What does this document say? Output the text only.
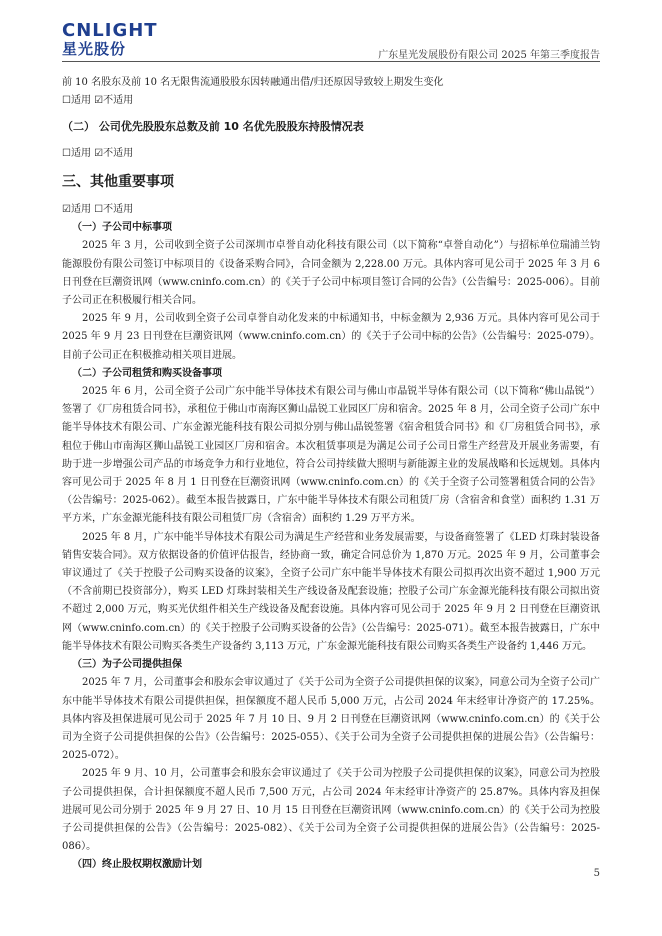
CNLIGHT
星光股份	广东星光发展股份有限公司 2025 年第三季度报告

前 10 名股东及前 10 名无限售流通股股东因转融通出借/归还原因导致较上期发生变化

☐适用 ☑不适用

（二） 公司优先股股东总数及前 10 名优先股股东持股情况表

☐适用 ☑不适用

三、其他重要事项

☑适用 ☐不适用

（一）子公司中标事项

2025 年 3 月，公司收到全资子公司深圳市卓誉自动化科技有限公司（以下简称“卓誉自动化”）与招标单位瑞浦兰钧能源股份有限公司签订中标项目的《设备采购合同》，合同金额为 2,228.00 万元。具体内容可见公司于 2025 年 3 月 6 日刊登在巨潮资讯网（www.cninfo.com.cn）的《关于子公司中标项目签订合同的公告》（公告编号：2025-006）。目前子公司正在积极履行相关合同。

2025 年 9 月，公司收到全资子公司卓誉自动化发来的中标通知书，中标金额为 2,936 万元。具体内容可见公司于 2025 年 9 月 23 日刊登在巨潮资讯网（www.cninfo.com.cn）的《关于子公司中标的公告》（公告编号：2025-079）。目前子公司正在积极推动相关项目进展。

（二）子公司租赁和购买设备事项

2025 年 6 月，公司全资子公司广东中能半导体技术有限公司与佛山市晶锐半导体有限公司（以下简称“佛山晶锐”）签署了《厂房租赁合同书》，承租位于佛山市南海区狮山晶锐工业园区厂房和宿舍。2025 年 8 月，公司全资子公司广东中能半导体技术有限公司、广东金源光能科技有限公司拟分别与佛山晶锐签署《宿舍租赁合同书》和《厂房租赁合同书》，承租位于佛山市南海区狮山晶锐工业园区厂房和宿舍。本次租赁事项是为满足公司子公司日常生产经营及开展业务需要，有助于进一步增强公司产品的市场竞争力和行业地位，符合公司持续做大照明与新能源主业的发展战略和长远规划。具体内容可见公司于 2025 年 8 月 1 日刊登在巨潮资讯网（www.cninfo.com.cn）的《关于全资子公司签署租赁合同的公告》（公告编号：2025-062）。截至本报告披露日，广东中能半导体技术有限公司租赁厂房（含宿舍和食堂）面积约 1.31 万平方米，广东金源光能科技有限公司租赁厂房（含宿舍）面积约 1.29 万平方米。

2025 年 8 月，广东中能半导体技术有限公司为满足生产经营和业务发展需要，与设备商签署了《LED 灯珠封装设备销售安装合同》。双方依据设备的价值评估报告，经协商一致，确定合同总价为 1,870 万元。2025 年 9 月，公司董事会审议通过了《关于控股子公司购买设备的议案》，全资子公司广东中能半导体技术有限公司拟再次出资不超过 1,900 万元（不含前期已投资部分），购买 LED 灯珠封装相关生产线设备及配套设施；控股子公司广东金源光能科技有限公司拟出资不超过 2,000 万元，购买光伏组件相关生产线设备及配套设施。具体内容可见公司于 2025 年 9 月 2 日刊登在巨潮资讯网（www.cninfo.com.cn）的《关于控股子公司购买设备的公告》（公告编号：2025-071）。截至本报告披露日，广东中能半导体技术有限公司购买各类生产设备约 3,113 万元，广东金源光能科技有限公司购买各类生产设备约 1,446 万元。

（三）为子公司提供担保

2025 年 7 月，公司董事会和股东会审议通过了《关于公司为全资子公司提供担保的议案》，同意公司为全资子公司广东中能半导体技术有限公司提供担保，担保额度不超人民币 5,000 万元，占公司 2024 年末经审计净资产的 17.25%。具体内容及担保进展可见公司于 2025 年 7 月 10 日、9 月 2 日刊登在巨潮资讯网（www.cninfo.com.cn）的《关于公司为全资子公司提供担保的公告》（公告编号：2025-055）、《关于公司为全资子公司提供担保的进展公告》（公告编号：2025-072）。

2025 年 9 月、10 月，公司董事会和股东会审议通过了《关于公司为控股子公司提供担保的议案》，同意公司为控股子公司提供担保，合计担保额度不超人民币 7,500 万元，占公司 2024 年末经审计净资产的 25.87%。具体内容及担保进展可见公司分别于 2025 年 9 月 27 日、10 月 15 日刊登在巨潮资讯网（www.cninfo.com.cn）的《关于公司为控股子公司提供担保的公告》（公告编号：2025-082）、《关于公司为全资子公司提供担保的进展公告》（公告编号：2025-086）。

（四）终止股权期权激励计划

5
